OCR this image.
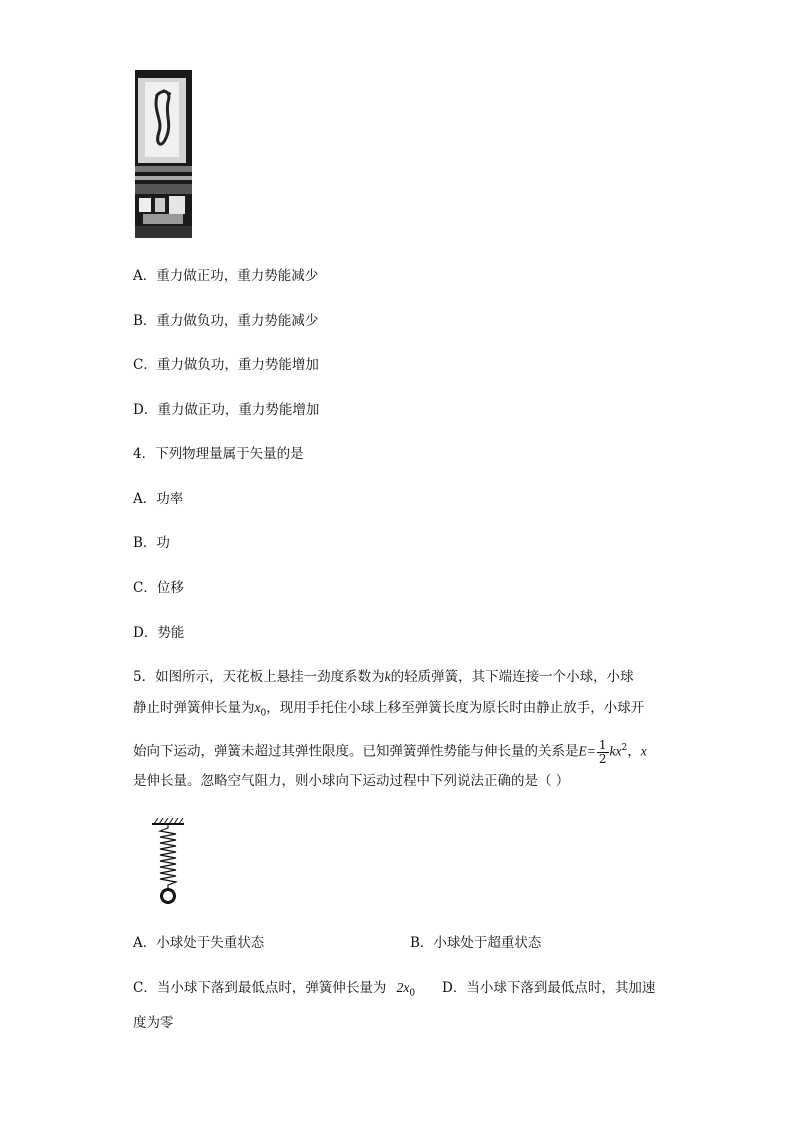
A．重力做正功，重力势能减少
B．重力做负功，重力势能减少
C．重力做负功，重力势能增加
D．重力做正功，重力势能增加
4．下列物理量属于矢量的是
A．功率
B．功
C．位移
D．势能
5．如图所示，天花板上悬挂一劲度系数为k的轻质弹簧，其下端连接一个小球，小球
静止时弹簧伸长量为$x_0$，现用手托住小球上移至弹簧长度为原长时由静止放手，小球开
始向下运动，弹簧未超过其弹性限度。已知弹簧弹性势能与伸长量的关系是$E= \frac{1}{2} kx^2$，x
是伸长量。忽略空气阻力，则小球向下运动过程中下列说法正确的是（ ）
A．小球处于失重状态	B．小球处于超重状态
C．当小球下落到最低点时，弹簧伸长量为 $2x_0$ D．当小球下落到最低点时，其加速
度为零
